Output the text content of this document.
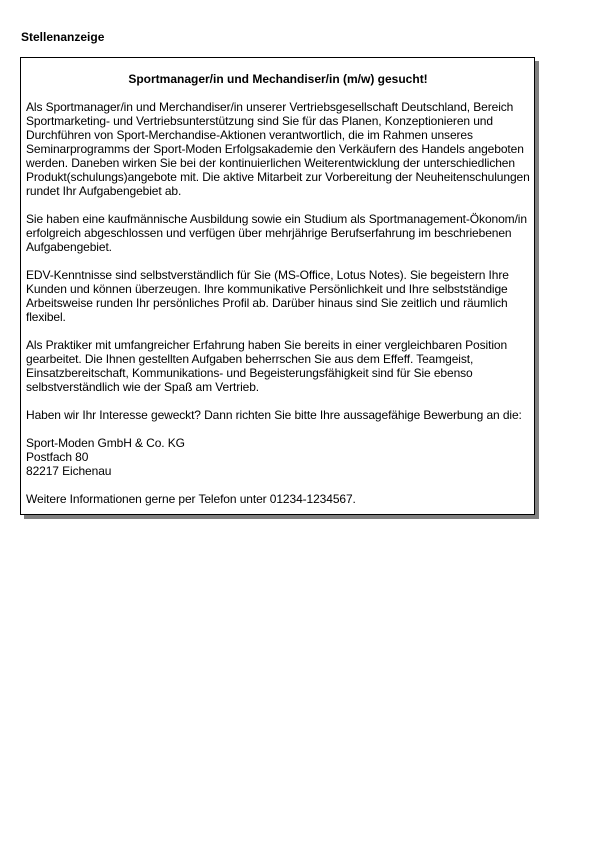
Stellenanzeige

Sportmanager/in und Mechandiser/in (m/w) gesucht!

Als Sportmanager/in und Merchandiser/in unserer Vertriebsgesellschaft Deutschland, Bereich Sportmarketing- und Vertriebsunterstützung sind Sie für das Planen, Konzeptionieren und Durchführen von Sport-Merchandise-Aktionen verantwortlich, die im Rahmen unseres Seminarprogramms der Sport-Moden Erfolgsakademie den Verkäufern des Handels angeboten werden. Daneben wirken Sie bei der kontinuierlichen Weiterentwicklung der unterschiedlichen Produkt(schulungs)angebote mit. Die aktive Mitarbeit zur Vorbereitung der Neuheitenschulungen rundet Ihr Aufgabengebiet ab.

Sie haben eine kaufmännische Ausbildung sowie ein Studium als Sportmanagement-Ökonom/in erfolgreich abgeschlossen und verfügen über mehrjährige Berufserfahrung im beschriebenen Aufgabengebiet.

EDV-Kenntnisse sind selbstverständlich für Sie (MS-Office, Lotus Notes). Sie begeistern Ihre Kunden und können überzeugen. Ihre kommunikative Persönlichkeit und Ihre selbstständige Arbeitsweise runden Ihr persönliches Profil ab. Darüber hinaus sind Sie zeitlich und räumlich flexibel.

Als Praktiker mit umfangreicher Erfahrung haben Sie bereits in einer vergleichbaren Position gearbeitet. Die Ihnen gestellten Aufgaben beherrschen Sie aus dem Effeff. Teamgeist, Einsatzbereitschaft, Kommunikations- und Begeisterungsfähigkeit sind für Sie ebenso selbstverständlich wie der Spaß am Vertrieb.

Haben wir Ihr Interesse geweckt? Dann richten Sie bitte Ihre aussagefähige Bewerbung an die:

Sport-Moden GmbH & Co. KG
Postfach 80
82217 Eichenau

Weitere Informationen gerne per Telefon unter 01234-1234567.
